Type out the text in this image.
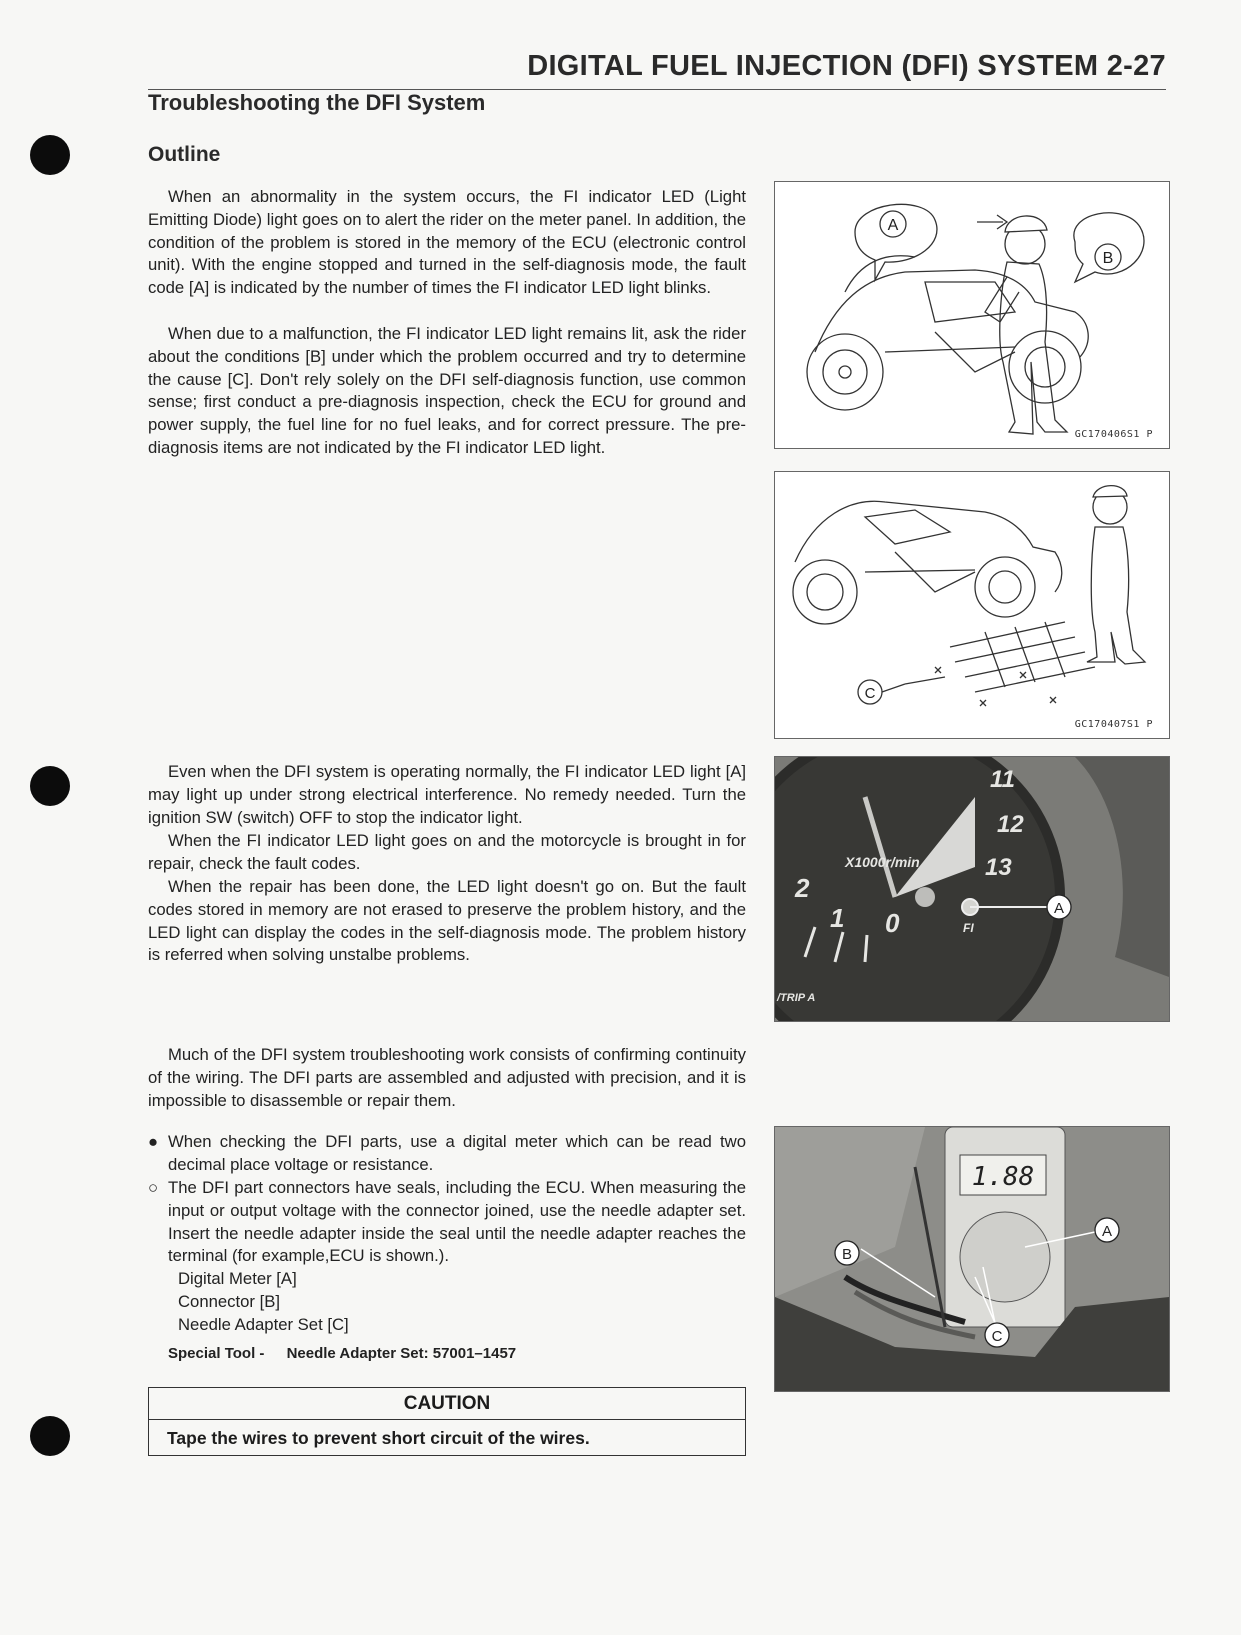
DIGITAL FUEL INJECTION (DFI) SYSTEM 2-27
Troubleshooting the DFI System
Outline

When an abnormality in the system occurs, the FI indicator LED (Light Emitting Diode) light goes on to alert the rider on the meter panel. In addition, the condition of the problem is stored in the memory of the ECU (electronic control unit). With the engine stopped and turned in the self-diagnosis mode, the fault code [A] is indicated by the number of times the FI indicator LED light blinks.

When due to a malfunction, the FI indicator LED light remains lit, ask the rider about the conditions [B] under which the problem occurred and try to determine the cause [C]. Don't rely solely on the DFI self-diagnosis function, use common sense; first conduct a pre-diagnosis inspection, check the ECU for ground and power supply, the fuel line for no fuel leaks, and for correct pressure. The pre-diagnosis items are not indicated by the FI indicator LED light.

Even when the DFI system is operating normally, the FI indicator LED light [A] may light up under strong electrical interference. No remedy needed. Turn the ignition SW (switch) OFF to stop the indicator light.

When the FI indicator LED light goes on and the motorcycle is brought in for repair, check the fault codes.

When the repair has been done, the LED light doesn't go on. But the fault codes stored in memory are not erased to preserve the problem history, and the LED light can display the codes in the self-diagnosis mode. The problem history is referred when solving unstalbe problems.

Much of the DFI system troubleshooting work consists of confirming continuity of the wiring. The DFI parts are assembled and adjusted with precision, and it is impossible to disassemble or repair them.

● When checking the DFI parts, use a digital meter which can be read two decimal place voltage or resistance.
○ The DFI part connectors have seals, including the ECU. When measuring the input or output voltage with the connector joined, use the needle adapter set. Insert the needle adapter inside the seal until the needle adapter reaches the terminal (for example,ECU is shown.).
Digital Meter [A]
Connector [B]
Needle Adapter Set [C]
Special Tool - Needle Adapter Set: 57001–1457
CAUTION
Tape the wires to prevent short circuit of the wires.
A
B
GC170406S1 P
C
GC170407S1 P
11
12
13
2
1 0
X1000r/min
FI
/TRIP A
A
1.88
A
B
C
